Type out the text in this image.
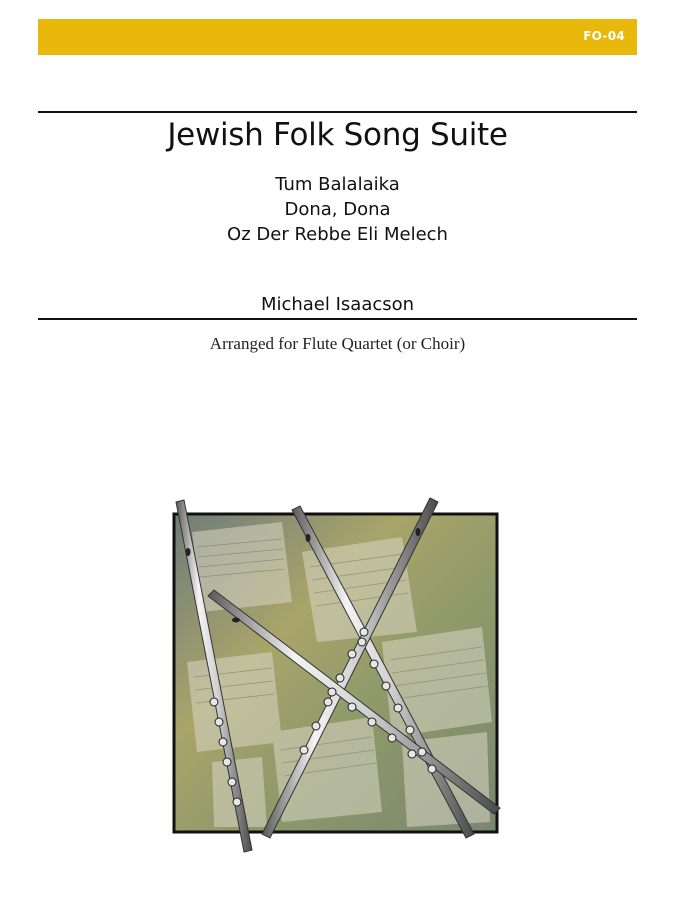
FO-04
Jewish Folk Song Suite
Tum Balalaika
Dona, Dona
Oz Der Rebbe Eli Melech
Michael Isaacson
Arranged for Flute Quartet (or Choir)
